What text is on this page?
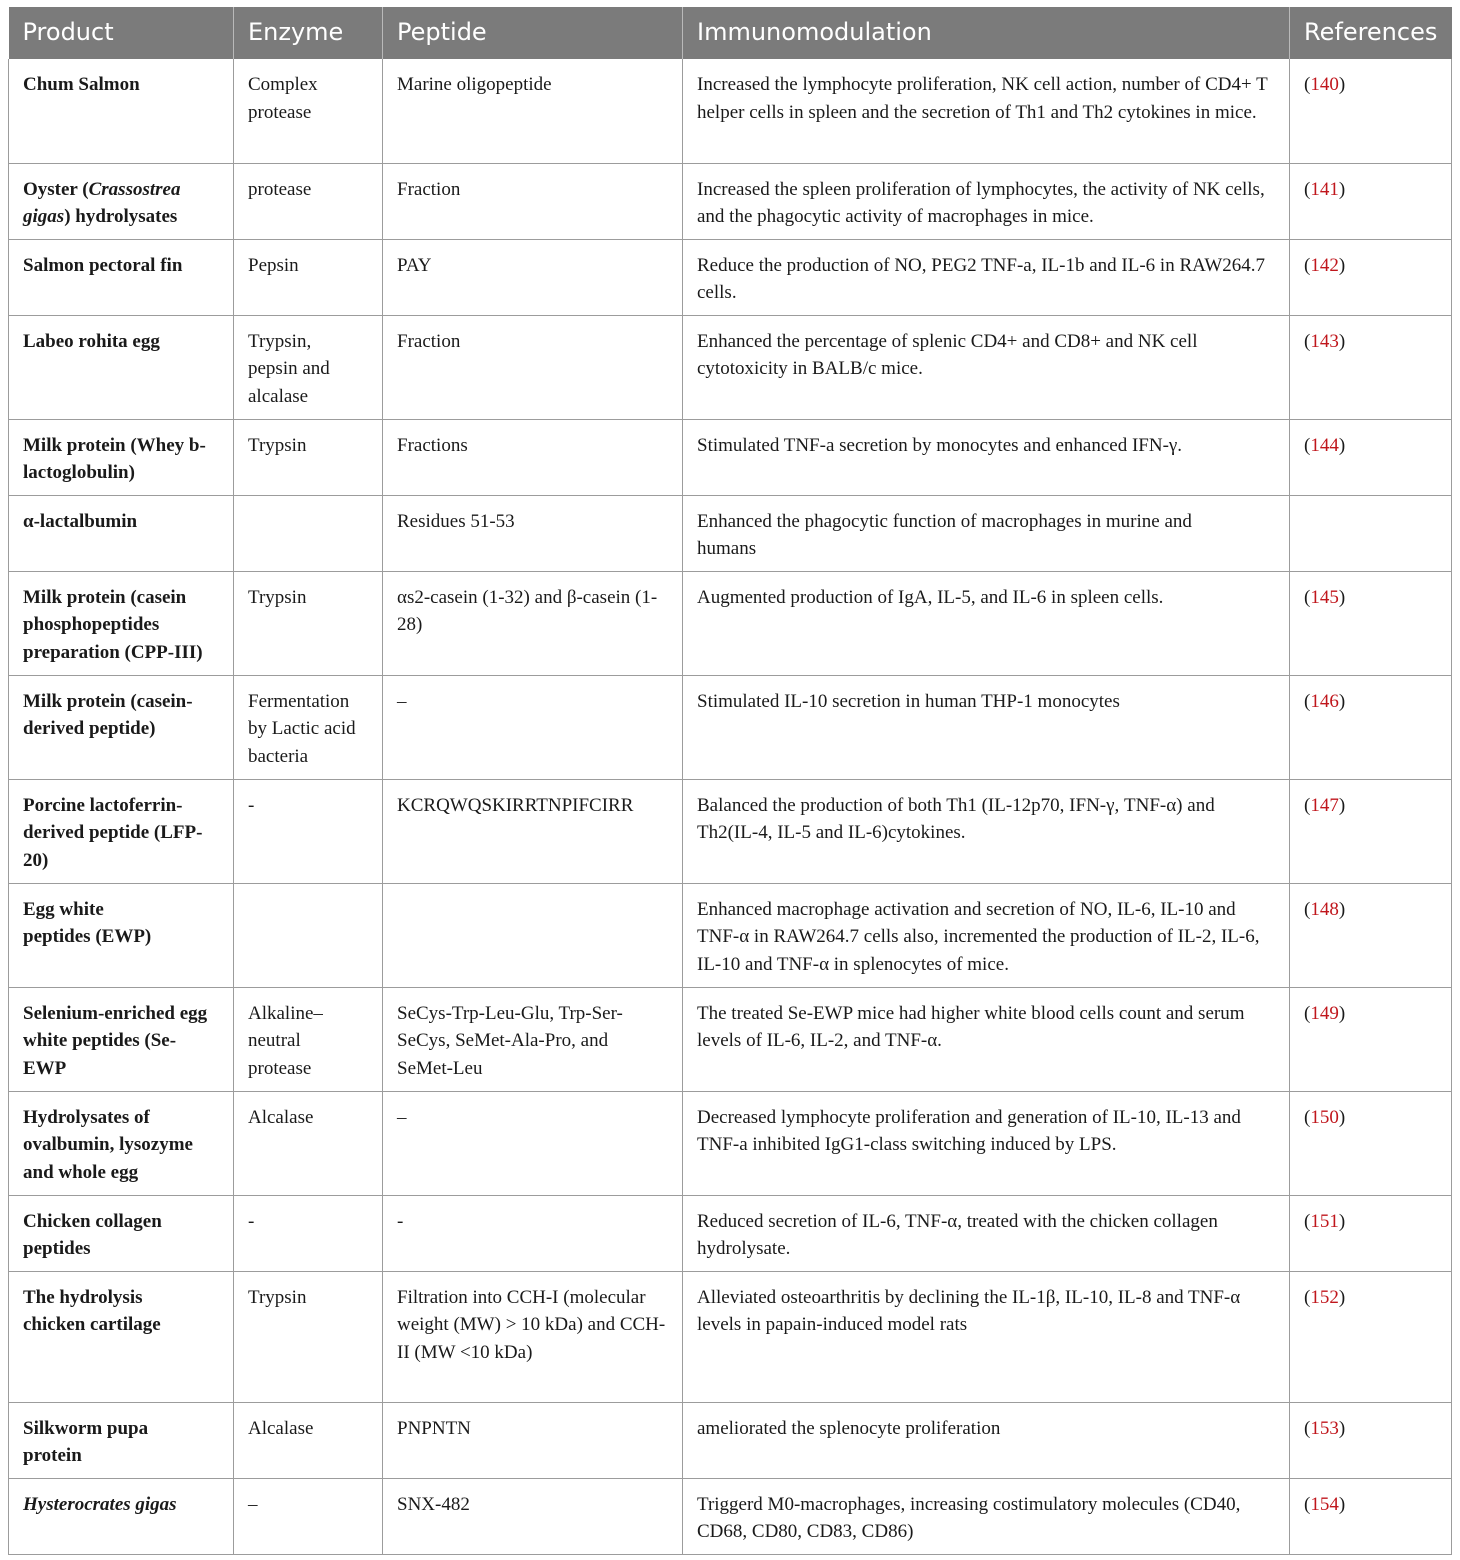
Product	Enzyme	Peptide	Immunomodulation	References
Chum Salmon	Complex protease	Marine oligopeptide	Increased the lymphocyte proliferation, NK cell action, number of CD4+ T helper cells in spleen and the secretion of Th1 and Th2 cytokines in mice.	(140)
Oyster (Crassostrea gigas) hydrolysates	protease	Fraction	Increased the spleen proliferation of lymphocytes, the activity of NK cells, and the phagocytic activity of macrophages in mice.	(141)
Salmon pectoral fin	Pepsin	PAY	Reduce the production of NO, PEG2 TNF-a, IL-1b and IL-6 in RAW264.7 cells.	(142)
Labeo rohita egg	Trypsin, pepsin and alcalase	Fraction	Enhanced the percentage of splenic CD4+ and CD8+ and NK cell cytotoxicity in BALB/c mice.	(143)
Milk protein (Whey b-lactoglobulin)	Trypsin	Fractions	Stimulated TNF-a secretion by monocytes and enhanced IFN-γ.	(144)
α-lactalbumin		Residues 51-53	Enhanced the phagocytic function of macrophages in murine and humans	
Milk protein (casein phosphopeptides preparation (CPP-III)	Trypsin	αs2-casein (1-32) and β-casein (1-28)	Augmented production of IgA, IL-5, and IL-6 in spleen cells.	(145)
Milk protein (casein-derived peptide)	Fermentation by Lactic acid bacteria	–	Stimulated IL-10 secretion in human THP-1 monocytes	(146)
Porcine lactoferrin-derived peptide (LFP-20)	-	KCRQWQSKIRRTNPIFCIRR	Balanced the production of both Th1 (IL-12p70, IFN-γ, TNF-α) and Th2(IL-4, IL-5 and IL-6)cytokines.	(147)
Egg white peptides (EWP)			Enhanced macrophage activation and secretion of NO, IL-6, IL-10 and TNF-α in RAW264.7 cells also, incremented the production of IL-2, IL-6, IL-10 and TNF-α in splenocytes of mice.	(148)
Selenium-enriched egg white peptides (Se-EWP	Alkaline–neutral protease	SeCys-Trp-Leu-Glu, Trp-Ser-SeCys, SeMet-Ala-Pro, and SeMet-Leu	The treated Se-EWP mice had higher white blood cells count and serum levels of IL-6, IL-2, and TNF-α.	(149)
Hydrolysates of ovalbumin, lysozyme and whole egg	Alcalase	–	Decreased lymphocyte proliferation and generation of IL-10, IL-13 and TNF-a inhibited IgG1-class switching induced by LPS.	(150)
Chicken collagen peptides	-	-	Reduced secretion of IL-6, TNF-α, treated with the chicken collagen hydrolysate.	(151)
The hydrolysis chicken cartilage	Trypsin	Filtration into CCH-I (molecular weight (MW) > 10 kDa) and CCH-II (MW <10 kDa)	Alleviated osteoarthritis by declining the IL-1β, IL-10, IL-8 and TNF-α levels in papain-induced model rats	(152)
Silkworm pupa protein	Alcalase	PNPNTN	ameliorated the splenocyte proliferation	(153)
Hysterocrates gigas	–	SNX-482	Triggerd M0-macrophages, increasing costimulatory molecules (CD40, CD68, CD80, CD83, CD86)	(154)
